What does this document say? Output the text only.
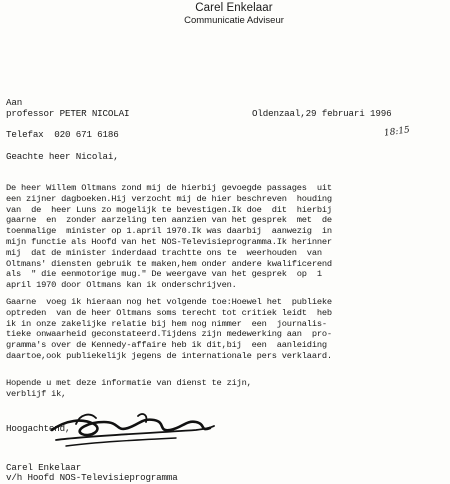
Carel Enkelaar
Communicatie Adviseur
Aan
professor PETER NICOLAI	Oldenzaal,29 februari 1996
Telefax  020 671 6186	18:15
Geachte heer Nicolai,
De heer Willem Oltmans zond mij de hierbij gevoegde passages  uit
een zijner dagboeken.Hij verzocht mij de hier beschreven  houding
van  de  heer Luns zo mogelijk te bevestigen.Ik doe  dit  hierbij
gaarne  en  zonder aarzeling ten aanzien van het gesprek  met  de
toenmalige  minister op 1.april 1970.Ik was daarbij  aanwezig  in
mijn functie als Hoofd van het NOS-Televisieprogramma.Ik herinner
mij  dat de minister inderdaad trachtte ons te  weerhouden  van
Oltmans' diensten gebruik te maken,hem onder andere kwalificerend
als  " die eenmotorige mug." De weergave van het gesprek  op  1
april 1970 door Oltmans kan ik onderschrijven.
Gaarne  voeg ik hieraan nog het volgende toe:Hoewel het  publieke
optreden  van de heer Oltmans soms terecht tot critiek leidt  heb
ik in onze zakelijke relatie bij hem nog nimmer  een  journalis-
tieke onwaarheid geconstateerd.Tijdens zijn medewerking aan  pro-
gramma's over de Kennedy-affaire heb ik dit,bij  een  aanleiding
daartoe,ook publiekelijk jegens de internationale pers verklaard.
Hopende u met deze informatie van dienst te zijn,
verblijf ik,
Hoogachtend,
Carel Enkelaar
v/h Hoofd NOS-Televisieprogramma
